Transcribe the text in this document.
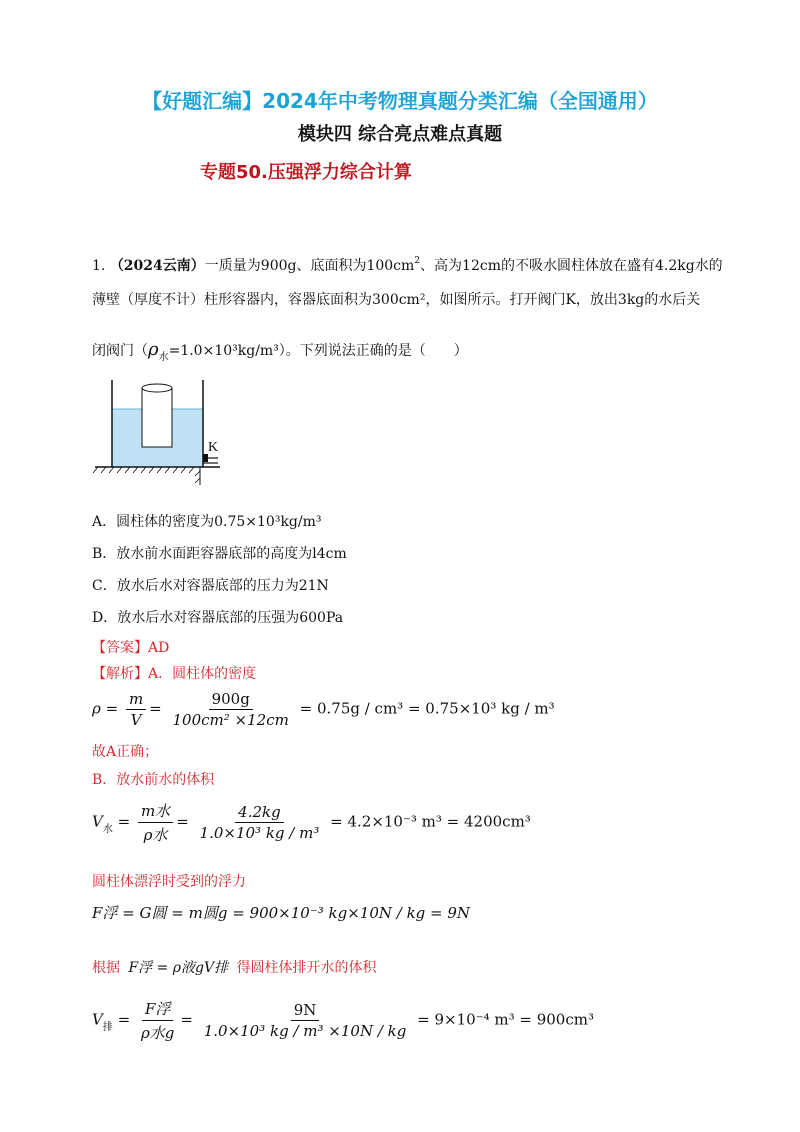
【好题汇编】2024年中考物理真题分类汇编（全国通用）
模块四 综合亮点难点真题
专题50.压强浮力综合计算
1. （2024云南）一质量为900g、底面积为$100cm^2$、高为12cm的不吸水圆柱体放在盛有4.2kg水的
薄壁（厚度不计）柱形容器内，容器底面积为300cm²，如图所示。打开阀门K，放出3kg的水后关
闭阀门$(\rho_水=1.0\times 10^3kg/m^3)$。下列说法正确的是（　　）
K
A．圆柱体的密度为0.75×10³kg/m³
B．放水前水面距容器底部的高度为l4cm
C．放水后水对容器底部的压力为21N
D．放水后水对容器底部的压强为600Pa
【答案】AD
【解析】A．圆柱体的密度
$\rho = \frac{m}{V} = \frac{900g}{\text{100cm² ×12cm}} = 0.75g / cm^3 = 0.75\times 10^3$ kg / m³
故A正确；
B．放水前水的体积
$V_水 = \frac{\text{m水}}{\text{ρ水}} = \frac{4.2kg}{\text{1.0×10³ kg / m³}} = 4.2\times 10^{-3}$ m³ = 4200cm³
圆柱体漂浮时受到的浮力
F浮 = G圆 = m圆g = 900×10⁻³ kg×10N / kg = 9N
根据 F浮 = ρ液gV排 得圆柱体排开水的体积
$V_排 = \frac{\text{F浮}}{\text{ρ水g}} = \frac{9N}{\text{1.0×10³ kg / m³ ×10N / kg}} = 9\times 10^{-4}$ m³ = 900cm³
